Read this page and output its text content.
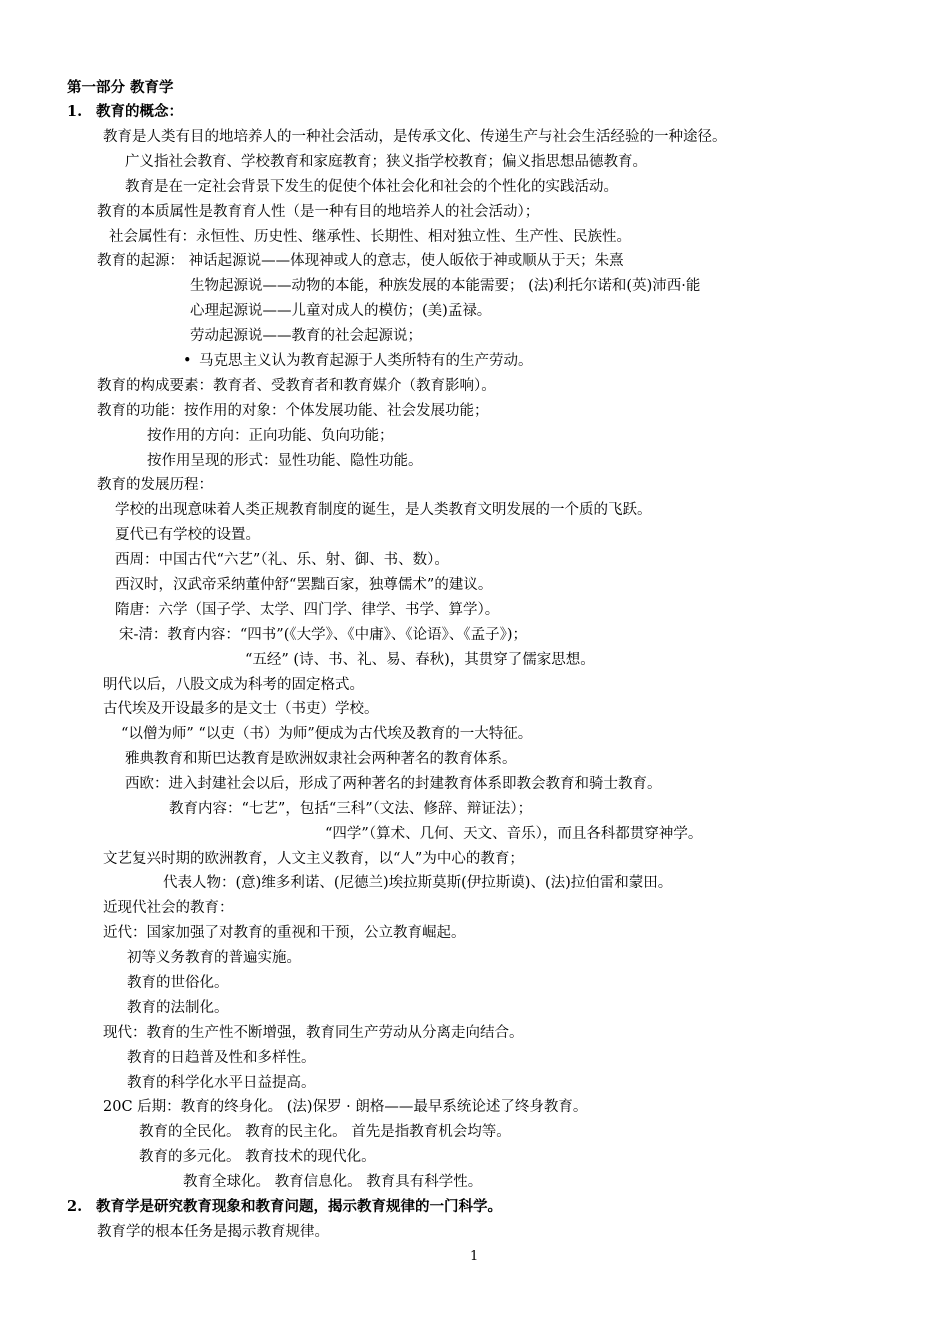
第一部分 教育学
1. 教育的概念：
教育是人类有目的地培养人的一种社会活动，是传承文化、传递生产与社会生活经验的一种途径。
广义指社会教育、学校教育和家庭教育；狭义指学校教育；偏义指思想品德教育。
教育是在一定社会背景下发生的促使个体社会化和社会的个性化的实践活动。
教育的本质属性是教育育人性（是一种有目的地培养人的社会活动）；
社会属性有：永恒性、历史性、继承性、长期性、相对独立性、生产性、民族性。
教育的起源： 神话起源说——体现神或人的意志，使人皈依于神或顺从于天；朱熹
生物起源说——动物的本能，种族发展的本能需要； (法)利托尔诺和(英)沛西·能
心理起源说——儿童对成人的模仿；(美)孟禄。
劳动起源说——教育的社会起源说；
• 马克思主义认为教育起源于人类所特有的生产劳动。
教育的构成要素：教育者、受教育者和教育媒介（教育影响）。
教育的功能：按作用的对象：个体发展功能、社会发展功能；
按作用的方向：正向功能、负向功能；
按作用呈现的形式：显性功能、隐性功能。
教育的发展历程：
学校的出现意味着人类正规教育制度的诞生，是人类教育文明发展的一个质的飞跃。
夏代已有学校的设置。
西周：中国古代“六艺”（礼、乐、射、御、书、数）。
西汉时，汉武帝采纳董仲舒“罢黜百家，独尊儒术”的建议。
隋唐：六学（国子学、太学、四门学、律学、书学、算学）。
宋-清：教育内容：“四书”(《大学》、《中庸》、《论语》、《孟子》)；
“五经” (诗、书、礼、易、春秋)，其贯穿了儒家思想。
明代以后，八股文成为科考的固定格式。
古代埃及开设最多的是文士（书吏）学校。
“以僧为师” “以吏（书）为师”便成为古代埃及教育的一大特征。
雅典教育和斯巴达教育是欧洲奴隶社会两种著名的教育体系。
西欧：进入封建社会以后，形成了两种著名的封建教育体系即教会教育和骑士教育。
教育内容：“七艺”，包括“三科”（文法、修辞、辩证法）；
“四学”（算术、几何、天文、音乐），而且各科都贯穿神学。
文艺复兴时期的欧洲教育，人文主义教育，以“人”为中心的教育；
代表人物：(意)维多利诺、(尼德兰)埃拉斯莫斯(伊拉斯谟)、(法)拉伯雷和蒙田。
近现代社会的教育：
近代：国家加强了对教育的重视和干预，公立教育崛起。
初等义务教育的普遍实施。
教育的世俗化。
教育的法制化。
现代：教育的生产性不断增强，教育同生产劳动从分离走向结合。
教育的日趋普及性和多样性。
教育的科学化水平日益提高。
20C 后期：教育的终身化。 (法)保罗 · 朗格——最早系统论述了终身教育。
教育的全民化。 教育的民主化。 首先是指教育机会均等。
教育的多元化。 教育技术的现代化。
教育全球化。 教育信息化。 教育具有科学性。
2. 教育学是研究教育现象和教育问题，揭示教育规律的一门科学。
教育学的根本任务是揭示教育规律。
1
